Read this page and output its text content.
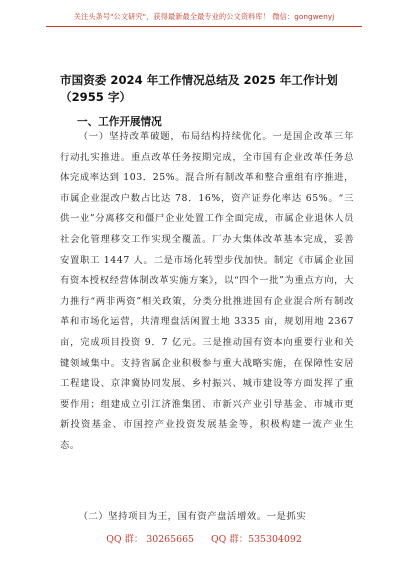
关注头条号"公文研究"，获得最新最全最专业的公文资料库！ 微信：gongwenyj
市国资委 2024 年工作情况总结及 2025 年工作计划（2955 字）
一、工作开展情况
（一）坚持改革破题，布局结构持续优化。一是国企改革三年行动扎实推进。重点改革任务按期完成，全市国有企业改革任务总体完成率达到 103．25%。混合所有制改革和整合重组有序推进，市属企业混改户数占比达 78．16%，资产证券化率达 65%。“三供一业”分离移交和僵尸企业处置工作全面完成，市属企业退休人员社会化管理移交工作实现全覆盖。厂办大集体改革基本完成，妥善安置职工 1447 人。二是市场化转型步伐加快。制定《市属企业国有资本授权经营体制改革实施方案》，以“四个一批”为重点方向，大力推行“两非两资”相关政策，分类分批推进国有企业混合所有制改革和市场化运营，共清理盘活闲置土地 3335 亩，规划用地 2367 亩，完成项目投资 9．7 亿元。三是推动国有资本向重要行业和关键领域集中。支持省属企业积极参与重大战略实施，在保障性安居工程建设、京津冀协同发展、乡村振兴、城市建设等方面发挥了重要作用；组建成立引江济淮集团、市新兴产业引导基金、市城市更新投资基金、市国控产业投资发展基金等，积极构建一流产业生态。
（二）坚持项目为王，国有资产盘活增效。一是抓实
QQ 群： 30265665 QQ 群：535304092
